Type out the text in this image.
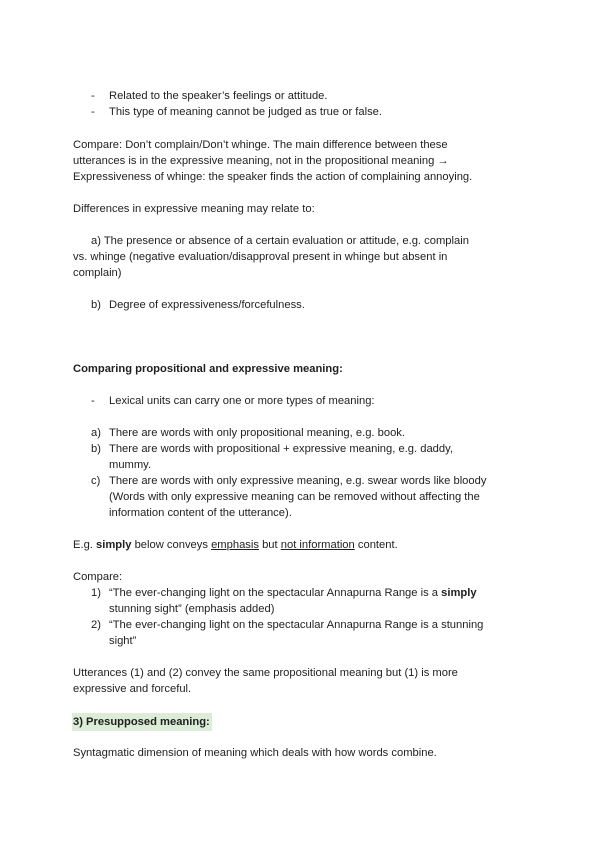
- Related to the speaker’s feelings or attitude.
- This type of meaning cannot be judged as true or false.
Compare: Don’t complain/Don’t whinge. The main difference between these
utterances is in the expressive meaning, not in the propositional meaning →
Expressiveness of whinge: the speaker finds the action of complaining annoying.
Differences in expressive meaning may relate to:
a) The presence or absence of a certain evaluation or attitude, e.g. complain
vs. whinge (negative evaluation/disapproval present in whinge but absent in
complain)
b) Degree of expressiveness/forcefulness.
Comparing propositional and expressive meaning:
- Lexical units can carry one or more types of meaning:
a) There are words with only propositional meaning, e.g. book.
b) There are words with propositional + expressive meaning, e.g. daddy,
mummy.
c) There are words with only expressive meaning, e.g. swear words like bloody
(Words with only expressive meaning can be removed without affecting the
information content of the utterance).
E.g. simply below conveys emphasis but not information content.
Compare:
1) “The ever-changing light on the spectacular Annapurna Range is a simply
stunning sight” (emphasis added)
2) “The ever-changing light on the spectacular Annapurna Range is a stunning
sight”
Utterances (1) and (2) convey the same propositional meaning but (1) is more
expressive and forceful.
3) Presupposed meaning:
Syntagmatic dimension of meaning which deals with how words combine.
